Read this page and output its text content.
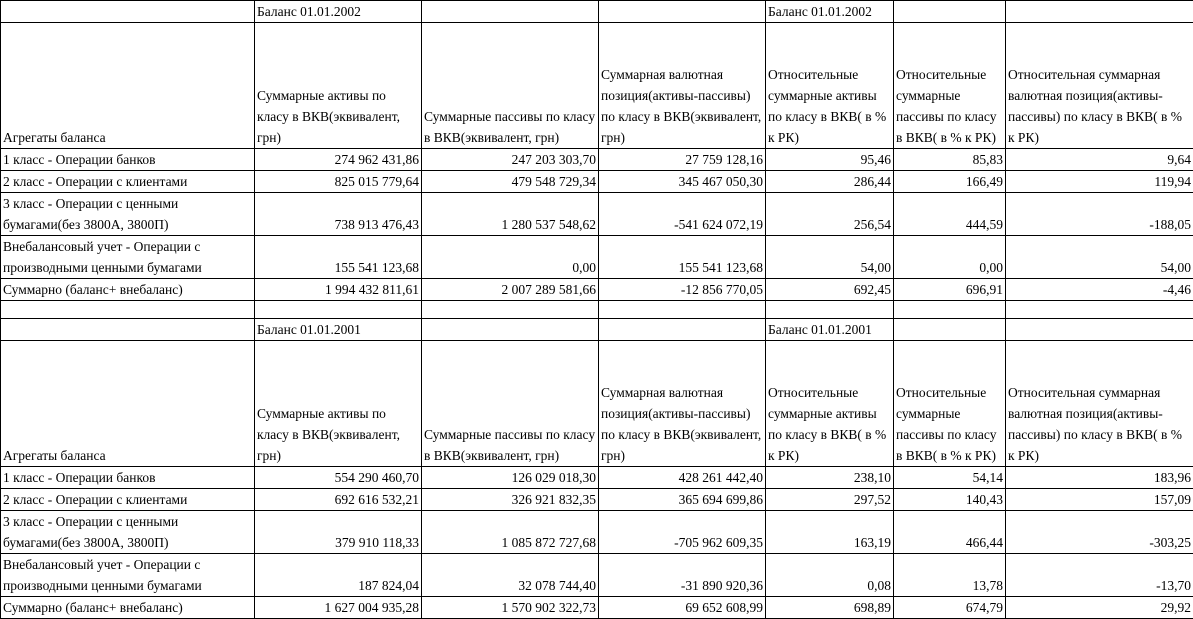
	Баланс 01.01.2002			Баланс 01.01.2002		
Агрегаты баланса	Суммарные активы по класу в ВКВ(эквивалент, грн)	Суммарные пассивы по класу в ВКВ(эквивалент, грн)	Суммарная валютная позиция(активы-пассивы) по класу в ВКВ(эквивалент, грн)	Относительные суммарные активы по класу в ВКВ( в % к РК)	Относительные суммарные пассивы по класу в ВКВ( в % к РК)	Относительная суммарная валютная позиция(активы-пассивы) по класу в ВКВ( в % к РК)
1 класс - Операции банков	274 962 431,86	247 203 303,70	27 759 128,16	95,46	85,83	9,64
2 класс - Операции с клиентами	825 015 779,64	479 548 729,34	345 467 050,30	286,44	166,49	119,94
3 класс - Операции с ценными бумагами(без 3800А, 3800П)	738 913 476,43	1 280 537 548,62	-541 624 072,19	256,54	444,59	-188,05
Внебалансовый учет - Операции с производными ценными бумагами	155 541 123,68	0,00	155 541 123,68	54,00	0,00	54,00
Суммарно (баланс+ внебаланс)	1 994 432 811,61	2 007 289 581,66	-12 856 770,05	692,45	696,91	-4,46

	Баланс 01.01.2001			Баланс 01.01.2001		
Агрегаты баланса	Суммарные активы по класу в ВКВ(эквивалент, грн)	Суммарные пассивы по класу в ВКВ(эквивалент, грн)	Суммарная валютная позиция(активы-пассивы) по класу в ВКВ(эквивалент, грн)	Относительные суммарные активы по класу в ВКВ( в % к РК)	Относительные суммарные пассивы по класу в ВКВ( в % к РК)	Относительная суммарная валютная позиция(активы-пассивы) по класу в ВКВ( в % к РК)
1 класс - Операции банков	554 290 460,70	126 029 018,30	428 261 442,40	238,10	54,14	183,96
2 класс - Операции с клиентами	692 616 532,21	326 921 832,35	365 694 699,86	297,52	140,43	157,09
3 класс - Операции с ценными бумагами(без 3800А, 3800П)	379 910 118,33	1 085 872 727,68	-705 962 609,35	163,19	466,44	-303,25
Внебалансовый учет - Операции с производными ценными бумагами	187 824,04	32 078 744,40	-31 890 920,36	0,08	13,78	-13,70
Суммарно (баланс+ внебаланс)	1 627 004 935,28	1 570 902 322,73	69 652 608,99	698,89	674,79	29,92
